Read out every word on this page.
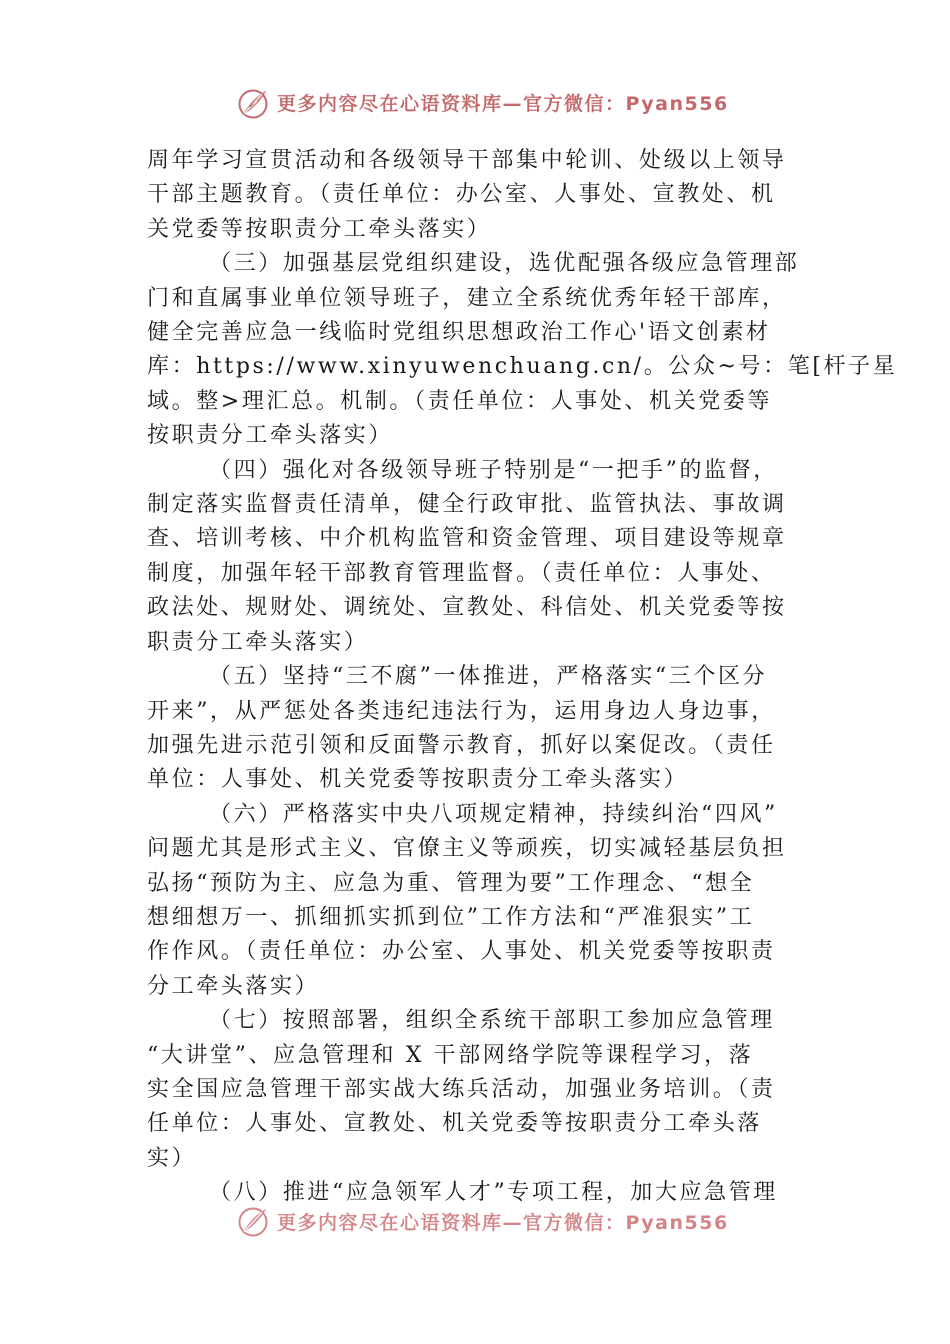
更多内容尽在心语资料库—官方微信：Pyan556
周年学习宣贯活动和各级领导干部集中轮训、处级以上领导
干部主题教育。（责任单位：办公室、人事处、宣教处、机
关党委等按职责分工牵头落实）
（三）加强基层党组织建设，选优配强各级应急管理部
门和直属事业单位领导班子，建立全系统优秀年轻干部库，
健全完善应急一线临时党组织思想政治工作心'语文创素材
库：https://www.xinyuwenchuang.cn/。公众~号：笔[杆子星
域。整>理汇总。机制。（责任单位：人事处、机关党委等
按职责分工牵头落实）
（四）强化对各级领导班子特别是“一把手”的监督，
制定落实监督责任清单，健全行政审批、监管执法、事故调
查、培训考核、中介机构监管和资金管理、项目建设等规章
制度，加强年轻干部教育管理监督。（责任单位：人事处、
政法处、规财处、调统处、宣教处、科信处、机关党委等按
职责分工牵头落实）
（五）坚持“三不腐”一体推进，严格落实“三个区分
开来”，从严惩处各类违纪违法行为，运用身边人身边事，
加强先进示范引领和反面警示教育，抓好以案促改。（责任
单位：人事处、机关党委等按职责分工牵头落实）
（六）严格落实中央八项规定精神，持续纠治“四风”
问题尤其是形式主义、官僚主义等顽疾，切实减轻基层负担
弘扬“预防为主、应急为重、管理为要”工作理念、“想全
想细想万一、抓细抓实抓到位”工作方法和“严准狠实”工
作作风。（责任单位：办公室、人事处、机关党委等按职责
分工牵头落实）
（七）按照部署，组织全系统干部职工参加应急管理
“大讲堂”、应急管理和 X 干部网络学院等课程学习，落
实全国应急管理干部实战大练兵活动，加强业务培训。（责
任单位：人事处、宣教处、机关党委等按职责分工牵头落
实）
（八）推进“应急领军人才”专项工程，加大应急管理
更多内容尽在心语资料库—官方微信：Pyan556
